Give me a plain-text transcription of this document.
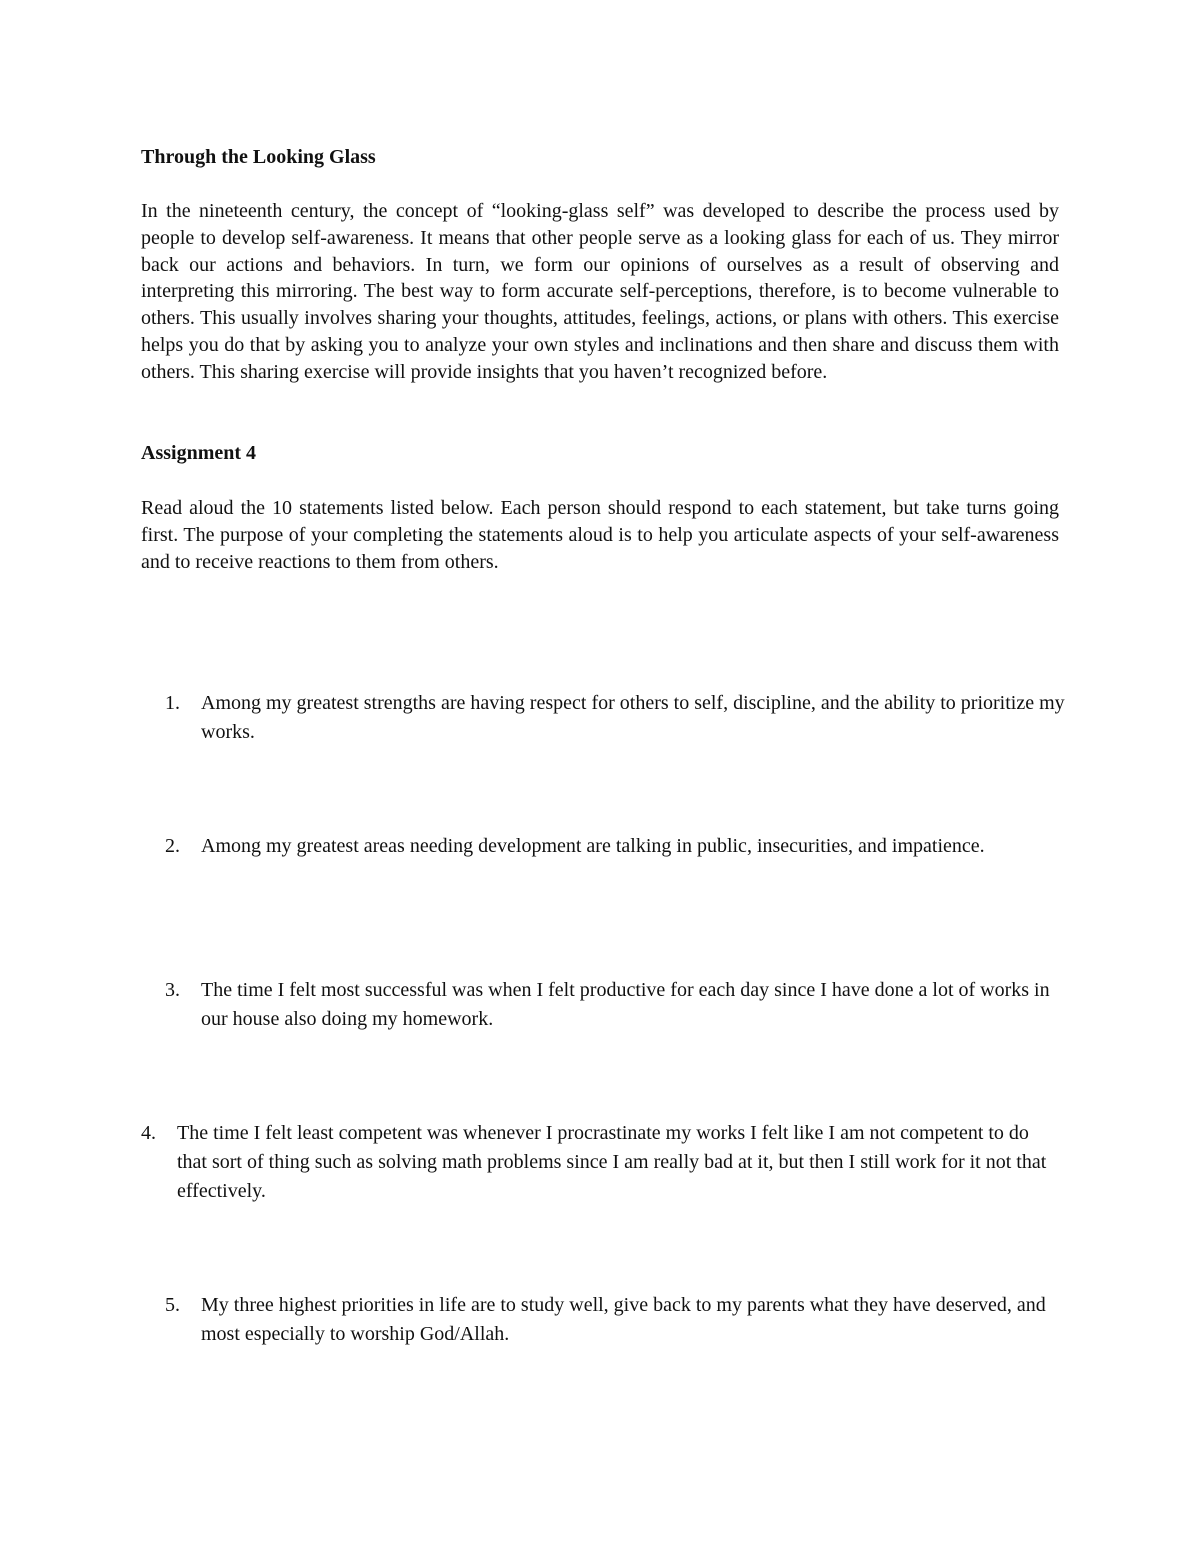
Through the Looking Glass

In the nineteenth century, the concept of “looking-glass self” was developed to describe the process used by people to develop self-awareness. It means that other people serve as a looking glass for each of us. They mirror back our actions and behaviors. In turn, we form our opinions of ourselves as a result of observing and interpreting this mirroring. The best way to form accurate self-perceptions, therefore, is to become vulnerable to others. This usually involves sharing your thoughts, attitudes, feelings, actions, or plans with others. This exercise helps you do that by asking you to analyze your own styles and inclinations and then share and discuss them with others. This sharing exercise will provide insights that you haven’t recognized before.

Assignment 4

Read aloud the 10 statements listed below. Each person should respond to each statement, but take turns going first. The purpose of your completing the statements aloud is to help you articulate aspects of your self-awareness and to receive reactions to them from others.

1. Among my greatest strengths are having respect for others to self, discipline, and the ability to prioritize my works.
2. Among my greatest areas needing development are talking in public, insecurities, and impatience.
3. The time I felt most successful was when I felt productive for each day since I have done a lot of works in our house also doing my homework.
4. The time I felt least competent was whenever I procrastinate my works I felt like I am not competent to do that sort of thing such as solving math problems since I am really bad at it, but then I still work for it not that effectively.
5. My three highest priorities in life are to study well, give back to my parents what they have deserved, and most especially to worship God/Allah.
